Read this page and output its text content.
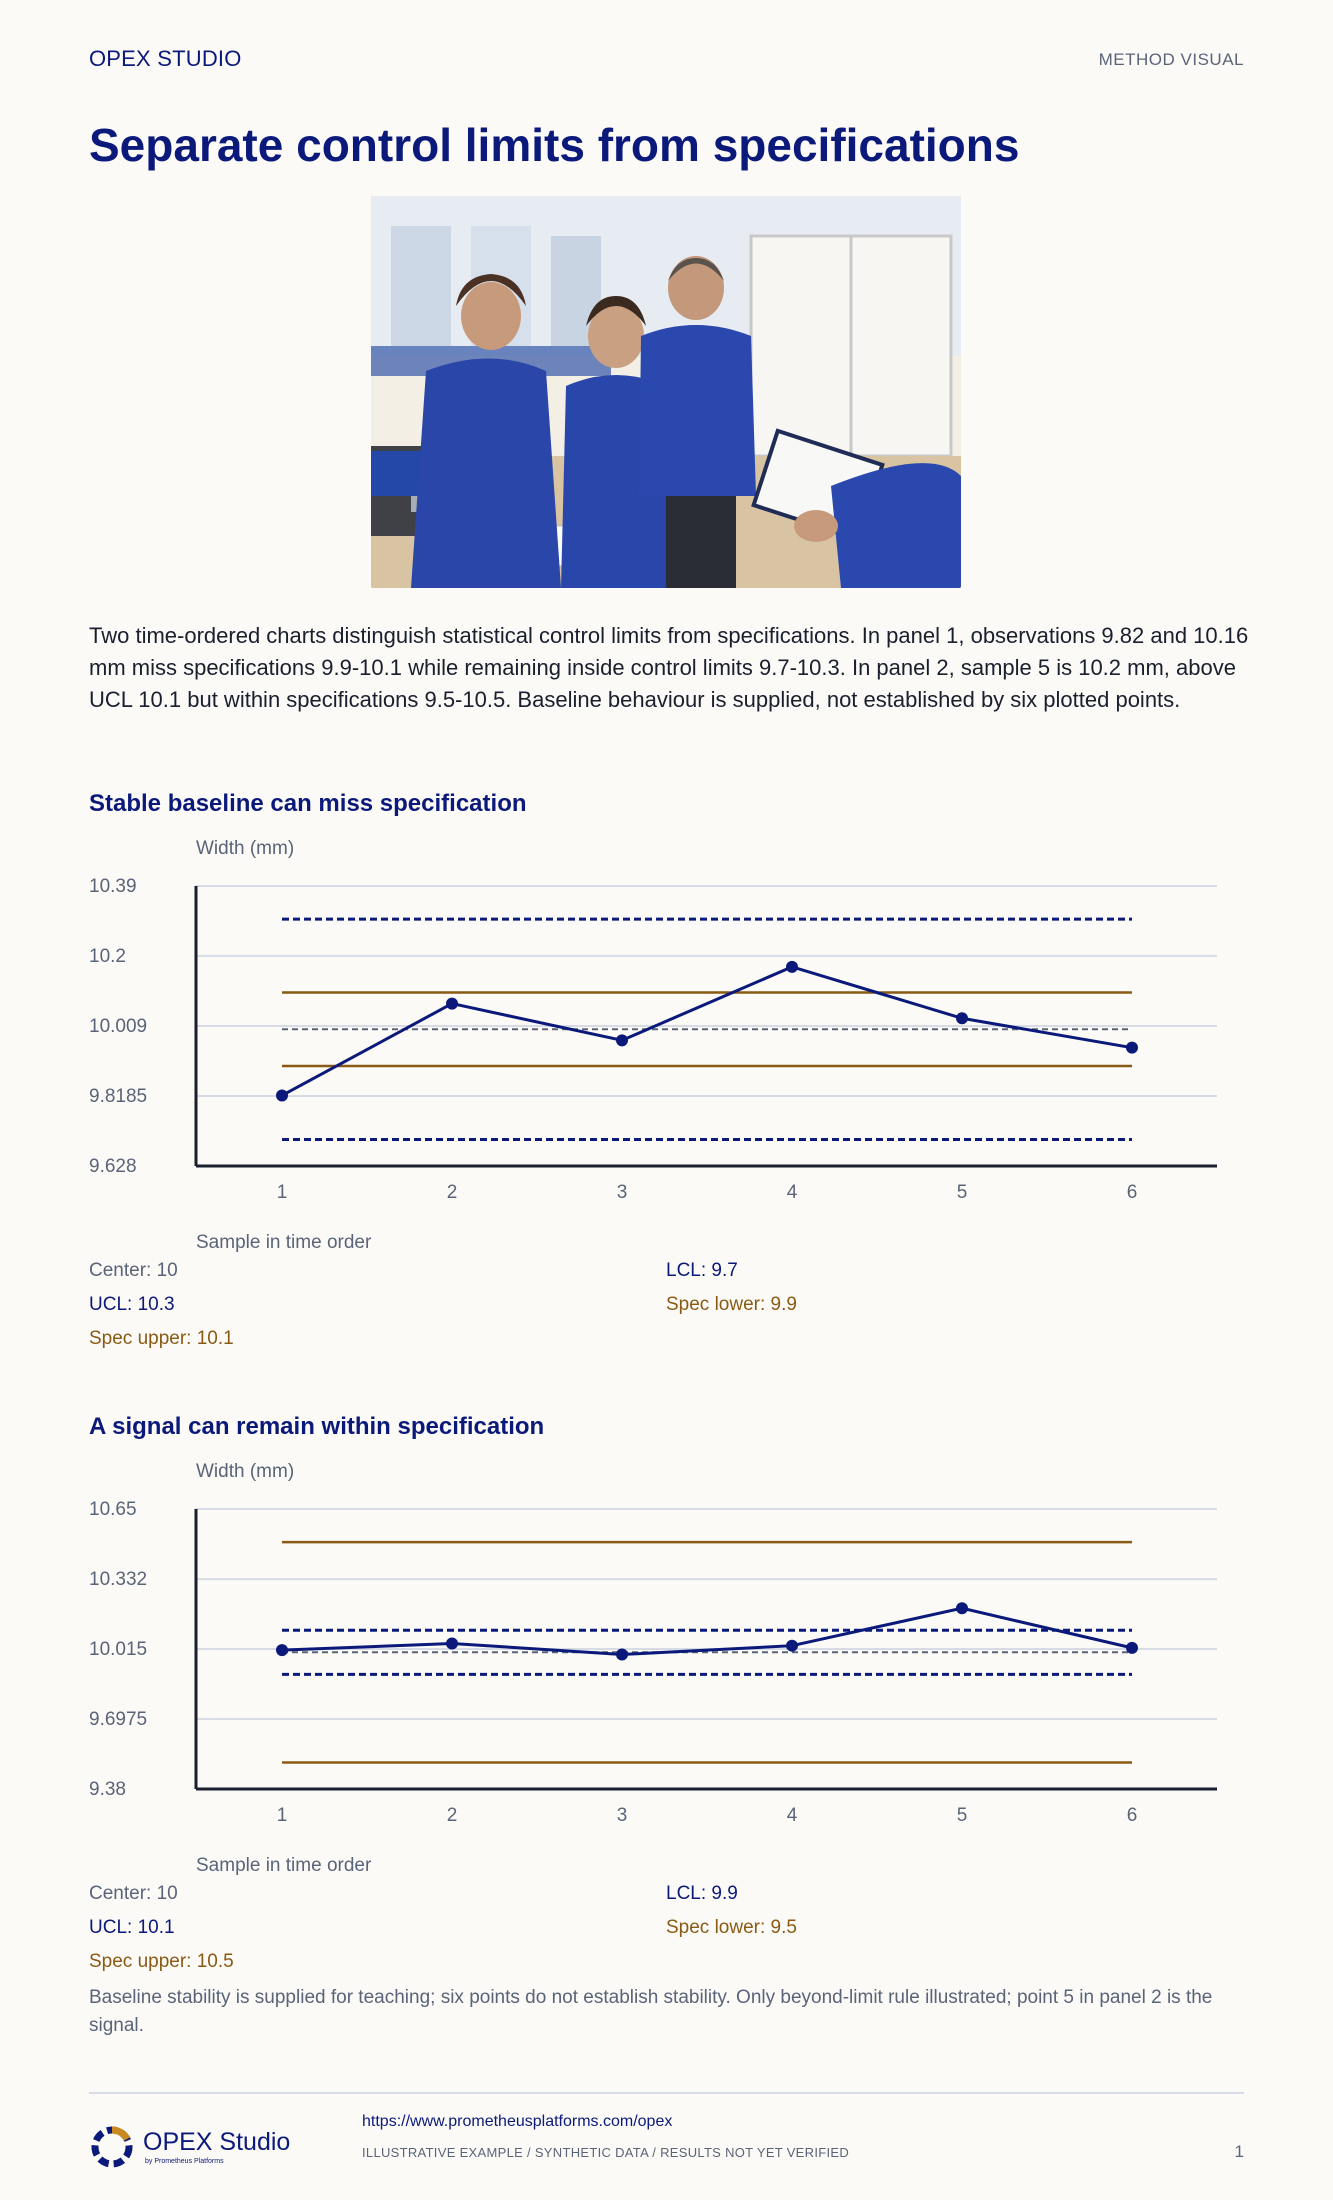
OPEX STUDIO	METHOD VISUAL
Separate control limits from specifications

Two time-ordered charts distinguish statistical control limits from specifications. In panel 1, observations 9.82 and 10.16 mm miss specifications 9.9-10.1 while remaining inside control limits 9.7-10.3. In panel 2, sample 5 is 10.2 mm, above UCL 10.1 but within specifications 9.5-10.5. Baseline behaviour is supplied, not established by six plotted points.

Stable baseline can miss specification
Width (mm)
10.39
10.2
10.009
9.8185
9.628
1	2	3	4	5	6
Sample in time order
Center: 10	LCL: 9.7
UCL: 10.3	Spec lower: 9.9
Spec upper: 10.1
A signal can remain within specification
Width (mm)
10.65
10.332
10.015
9.6975
9.38
1	2	3	4	5	6
Sample in time order
Center: 10	LCL: 9.9
UCL: 10.1	Spec lower: 9.5
Spec upper: 10.5

Baseline stability is supplied for teaching; six points do not establish stability. Only beyond-limit rule illustrated; point 5 in panel 2 is the signal.

OPEX Studio
by Prometheus Platforms
https://www.prometheusplatforms.com/opex
ILLUSTRATIVE EXAMPLE / SYNTHETIC DATA / RESULTS NOT YET VERIFIED	1
